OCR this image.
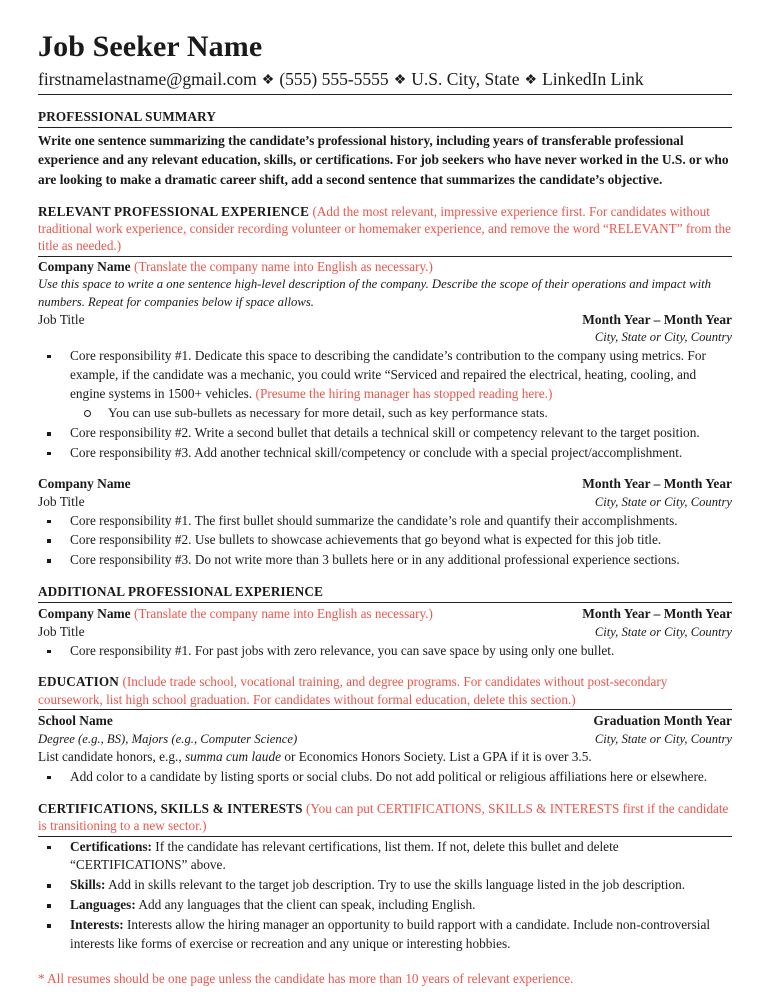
Job Seeker Name
firstnamelastname@gmail.com ❖ (555) 555-5555 ❖ U.S. City, State ❖ LinkedIn Link
PROFESSIONAL SUMMARY
Write one sentence summarizing the candidate’s professional history, including years of transferable professional experience and any relevant education, skills, or certifications. For job seekers who have never worked in the U.S. or who are looking to make a dramatic career shift, add a second sentence that summarizes the candidate’s objective.
RELEVANT PROFESSIONAL EXPERIENCE (Add the most relevant, impressive experience first. For candidates without traditional work experience, consider recording volunteer or homemaker experience, and remove the word “RELEVANT” from the title as needed.)
Company Name (Translate the company name into English as necessary.)
Use this space to write a one sentence high-level description of the company. Describe the scope of their operations and impact with numbers. Repeat for companies below if space allows.
Job Title	Month Year – Month Year
City, State or City, Country
Core responsibility #1. Dedicate this space to describing the candidate’s contribution to the company using metrics. For example, if the candidate was a mechanic, you could write “Serviced and repaired the electrical, heating, cooling, and engine systems in 1500+ vehicles. (Presume the hiring manager has stopped reading here.)
You can use sub-bullets as necessary for more detail, such as key performance stats.
Core responsibility #2. Write a second bullet that details a technical skill or competency relevant to the target position.
Core responsibility #3. Add another technical skill/competency or conclude with a special project/accomplishment.
Company Name	Month Year – Month Year
Job Title	City, State or City, Country
Core responsibility #1. The first bullet should summarize the candidate’s role and quantify their accomplishments.
Core responsibility #2. Use bullets to showcase achievements that go beyond what is expected for this job title.
Core responsibility #3. Do not write more than 3 bullets here or in any additional professional experience sections.
ADDITIONAL PROFESSIONAL EXPERIENCE
Company Name (Translate the company name into English as necessary.)	Month Year – Month Year
Job Title	City, State or City, Country
Core responsibility #1. For past jobs with zero relevance, you can save space by using only one bullet.
EDUCATION (Include trade school, vocational training, and degree programs. For candidates without post-secondary coursework, list high school graduation. For candidates without formal education, delete this section.)
School Name	Graduation Month Year
Degree (e.g., BS), Majors (e.g., Computer Science)	City, State or City, Country
List candidate honors, e.g., summa cum laude or Economics Honors Society. List a GPA if it is over 3.5.
Add color to a candidate by listing sports or social clubs. Do not add political or religious affiliations here or elsewhere.
CERTIFICATIONS, SKILLS & INTERESTS (You can put CERTIFICATIONS, SKILLS & INTERESTS first if the candidate is transitioning to a new sector.)
Certifications: If the candidate has relevant certifications, list them. If not, delete this bullet and delete “CERTIFICATIONS” above.
Skills: Add in skills relevant to the target job description. Try to use the skills language listed in the job description.
Languages: Add any languages that the client can speak, including English.
Interests: Interests allow the hiring manager an opportunity to build rapport with a candidate. Include non-controversial interests like forms of exercise or recreation and any unique or interesting hobbies.
* All resumes should be one page unless the candidate has more than 10 years of relevant experience.
